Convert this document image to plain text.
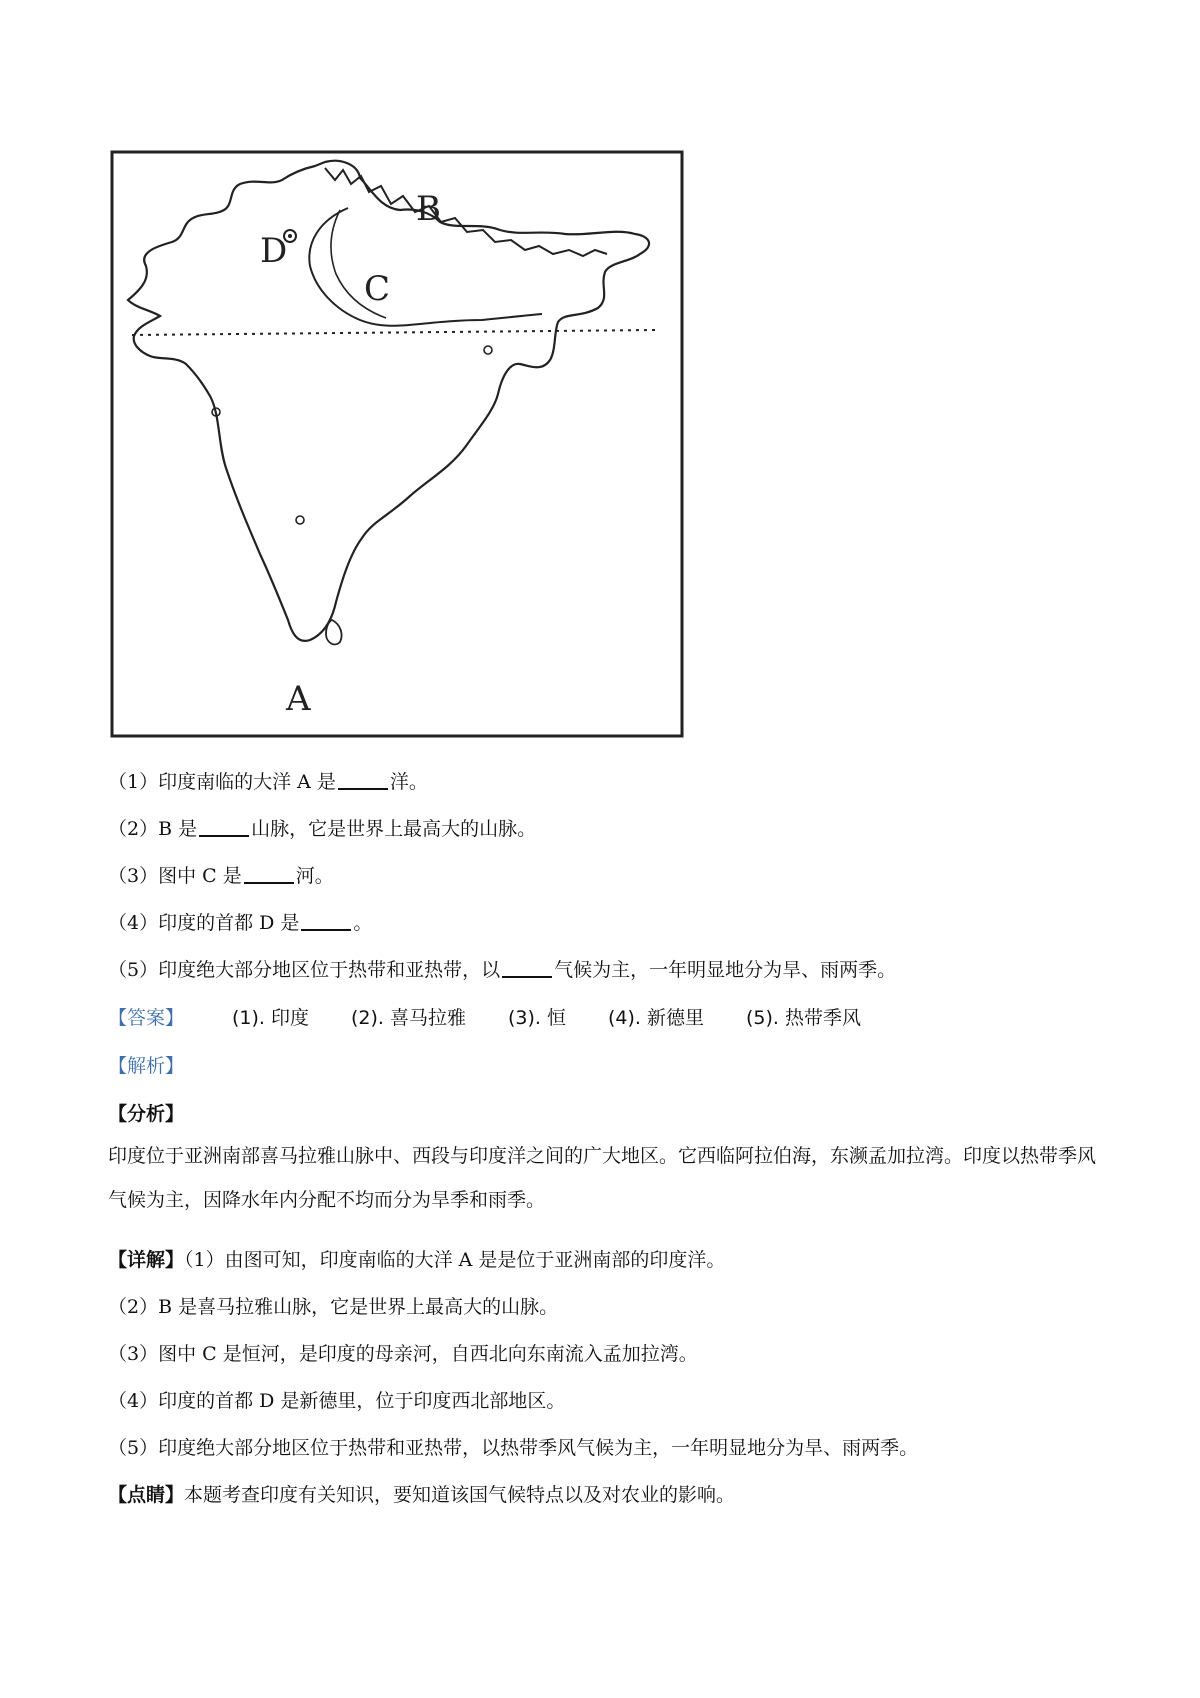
B
D
C
A
（1）印度南临的大洋 A 是	洋。
（2）B 是	山脉，它是世界上最高大的山脉。
（3）图中 C 是	河。
（4）印度的首都 D 是	。
（5）印度绝大部分地区位于热带和亚热带，以	气候为主，一年明显地分为旱、雨两季。
【答案】	(1). 印度 (2). 喜马拉雅 (3). 恒 (4). 新德里 (5). 热带季风
【解析】
【分析】
印度位于亚洲南部喜马拉雅山脉中、西段与印度洋之间的广大地区。它西临阿拉伯海，东濒孟加拉湾。印度以热带季风气候为主，因降水年内分配不均而分为旱季和雨季。
【详解】（1）由图可知，印度南临的大洋 A 是是位于亚洲南部的印度洋。
（2）B 是喜马拉雅山脉，它是世界上最高大的山脉。
（3）图中 C 是恒河，是印度的母亲河，自西北向东南流入孟加拉湾。
（4）印度的首都 D 是新德里，位于印度西北部地区。
（5）印度绝大部分地区位于热带和亚热带，以热带季风气候为主，一年明显地分为旱、雨两季。
【点睛】本题考查印度有关知识，要知道该国气候特点以及对农业的影响。
